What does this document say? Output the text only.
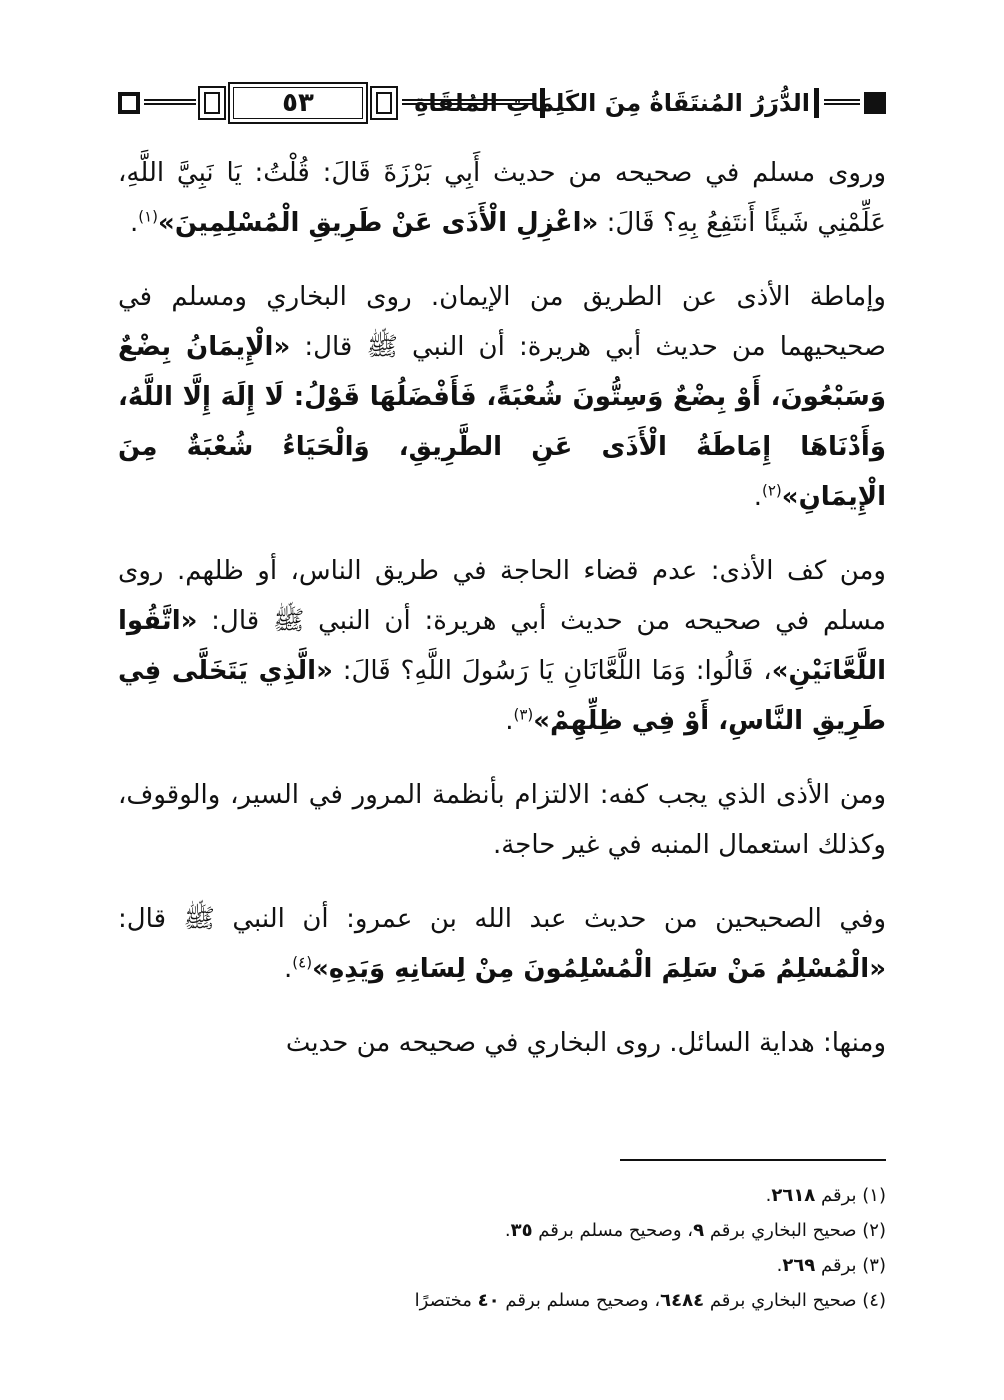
٥٣	الدُّرَرُ المُنتَقَاةُ مِنَ الكَلِمَاتِ المُلقَاةِ

وروى مسلم في صحيحه من حديث أَبِي بَرْزَةَ قَالَ: قُلْتُ: يَا نَبِيَّ اللَّهِ، عَلِّمْنِي شَيئًا أَنتَفِعُ بِهِ؟ قَالَ: «اعْزِلِ الْأَذَى عَنْ طَرِيقِ الْمُسْلِمِينَ»$^{(١)}$.

وإماطة الأذى عن الطريق من الإيمان. روى البخاري ومسلم في صحيحيهما من حديث أبي هريرة: أن النبي ﷺ قال: «الْإِيمَانُ بِضْعٌ وَسَبْعُونَ، أَوْ بِضْعٌ وَسِتُّونَ شُعْبَةً، فَأَفْضَلُهَا قَوْلُ: لَا إِلَهَ إِلَّا اللَّهُ، وَأَدْنَاهَا إِمَاطَةُ الْأَذَى عَنِ الطَّرِيقِ، وَالْحَيَاءُ شُعْبَةٌ مِنَ الْإِيمَانِ»$^{(٢)}$.

ومن كف الأذى: عدم قضاء الحاجة في طريق الناس، أو ظلهم. روى مسلم في صحيحه من حديث أبي هريرة: أن النبي ﷺ قال: «اتَّقُوا اللَّعَّانَيْنِ»، قَالُوا: وَمَا اللَّعَّانَانِ يَا رَسُولَ اللَّهِ؟ قَالَ: «الَّذِي يَتَخَلَّى فِي طَرِيقِ النَّاسِ، أَوْ فِي ظِلِّهِمْ»$^{(٣)}$.

ومن الأذى الذي يجب كفه: الالتزام بأنظمة المرور في السير، والوقوف، وكذلك استعمال المنبه في غير حاجة.

وفي الصحيحين من حديث عبد الله بن عمرو: أن النبي ﷺ قال: «الْمُسْلِمُ مَنْ سَلِمَ الْمُسْلِمُونَ مِنْ لِسَانِهِ وَيَدِهِ»$^{(٤)}$.

ومنها: هداية السائل. روى البخاري في صحيحه من حديث

(١) برقم ٢٦١٨.
(٢) صحيح البخاري برقم ٩، وصحيح مسلم برقم ٣٥.
(٣) برقم ٢٦٩.
(٤) صحيح البخاري برقم ٦٤٨٤، وصحيح مسلم برقم ٤٠ مختصرًا
